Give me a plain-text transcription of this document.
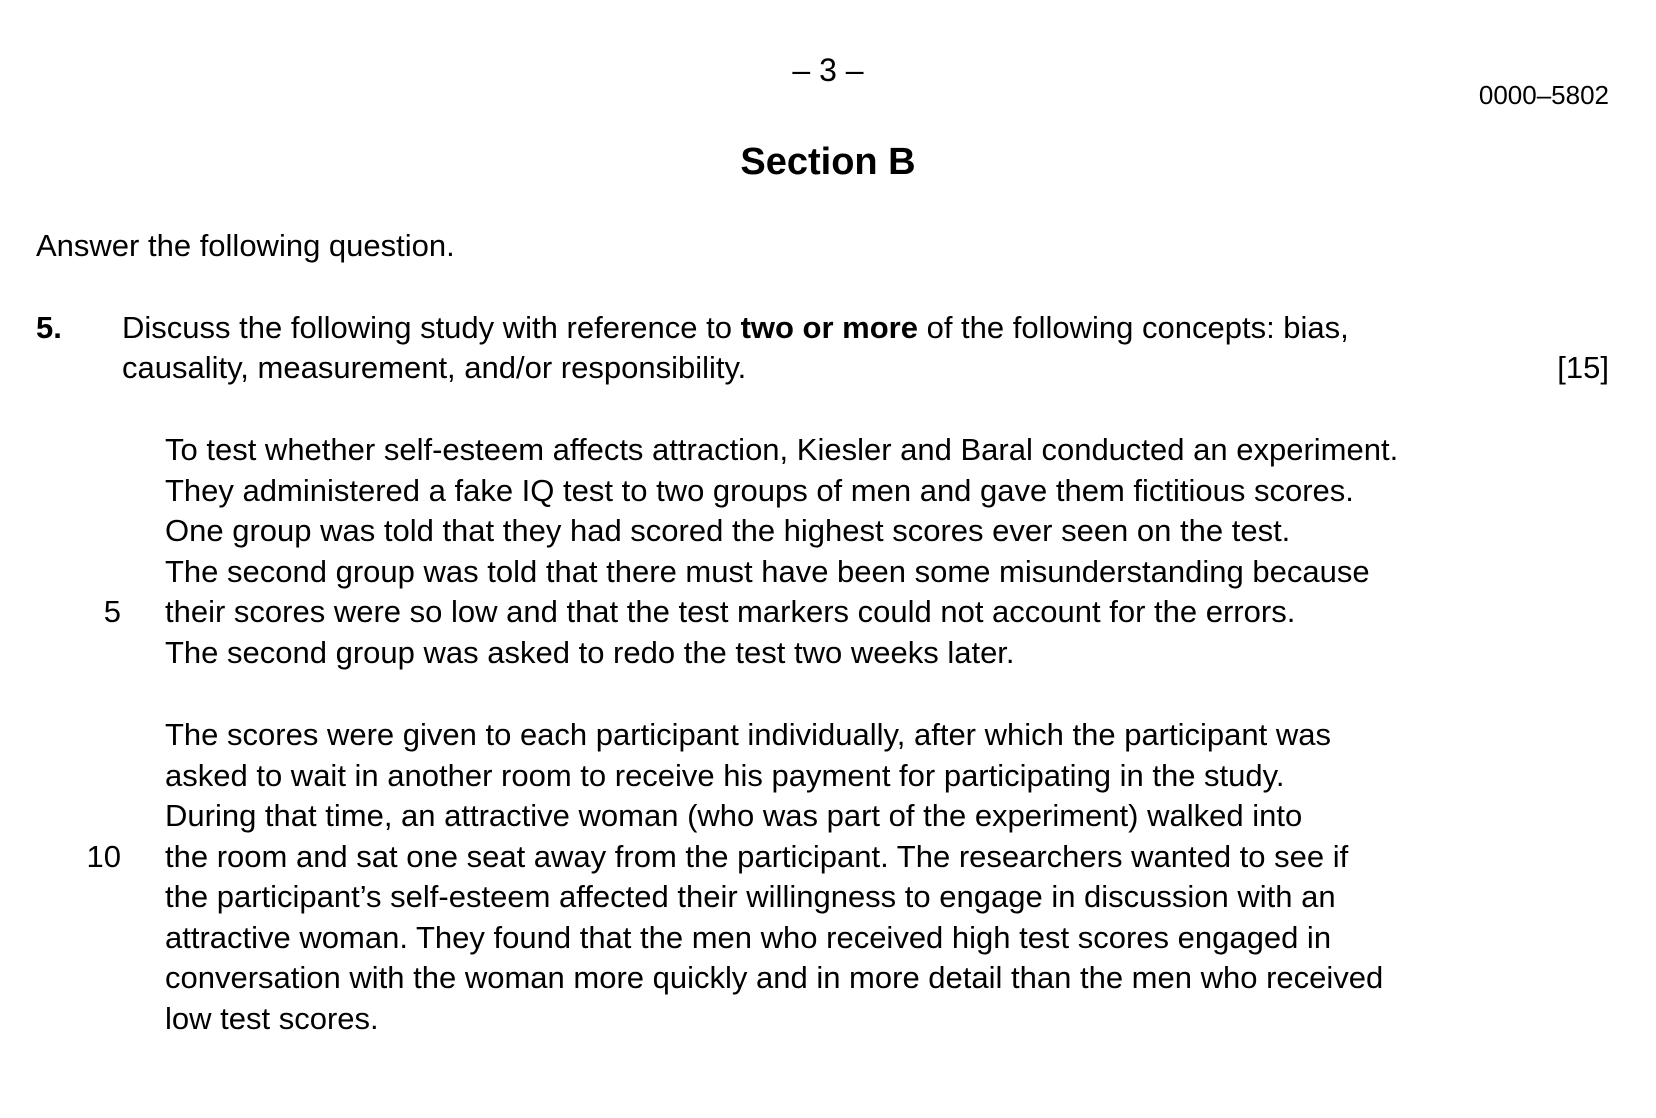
– 3 –
0000–5802
Section B
Answer the following question.
5. Discuss the following study with reference to two or more of the following concepts: bias,
causality, measurement, and/or responsibility.	[15]
To test whether self-esteem affects attraction, Kiesler and Baral conducted an experiment.
They administered a fake IQ test to two groups of men and gave them fictitious scores.
One group was told that they had scored the highest scores ever seen on the test.
The second group was told that there must have been some misunderstanding because
5 their scores were so low and that the test markers could not account for the errors.
The second group was asked to redo the test two weeks later.
The scores were given to each participant individually, after which the participant was
asked to wait in another room to receive his payment for participating in the study.
During that time, an attractive woman (who was part of the experiment) walked into
10 the room and sat one seat away from the participant. The researchers wanted to see if
the participant’s self-esteem affected their willingness to engage in discussion with an
attractive woman. They found that the men who received high test scores engaged in
conversation with the woman more quickly and in more detail than the men who received
low test scores.
